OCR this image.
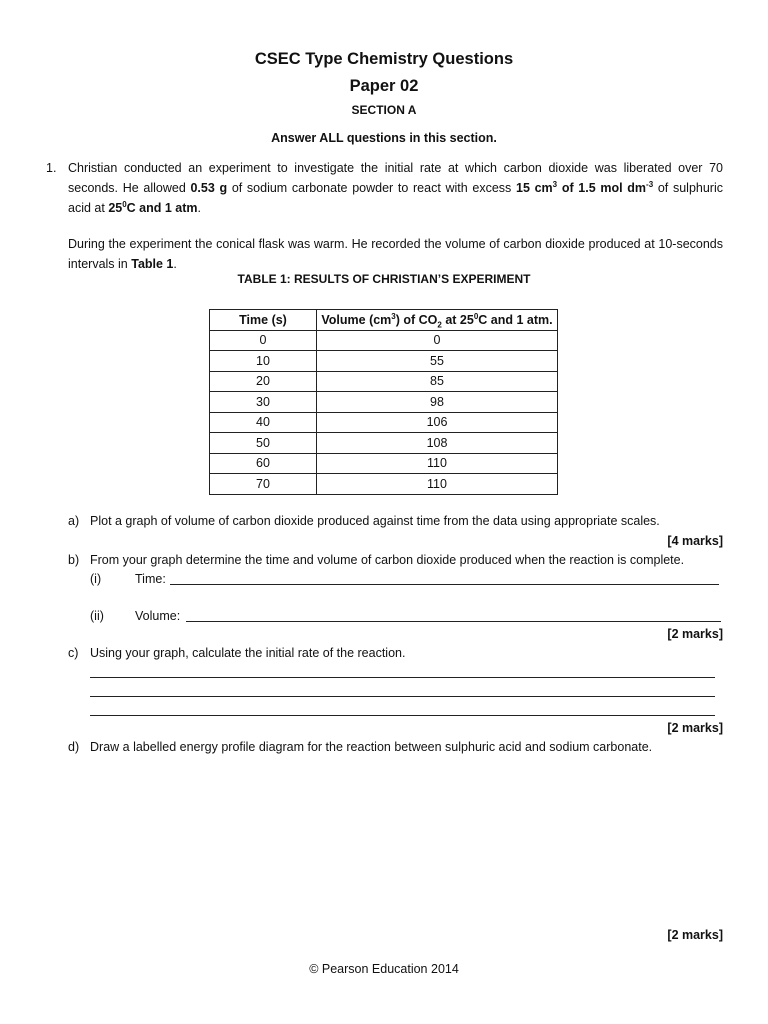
CSEC Type Chemistry Questions
Paper 02
SECTION A
Answer ALL questions in this section.
1. Christian conducted an experiment to investigate the initial rate at which carbon dioxide was liberated over 70 seconds. He allowed 0.53 g of sodium carbonate powder to react with excess 15 $cm^3$ of 1.5 mol $dm^{-3}$ of sulphuric acid at $25^0C$ and 1 atm.
During the experiment the conical flask was warm. He recorded the volume of carbon dioxide produced at 10-seconds intervals in Table 1.
TABLE 1: RESULTS OF CHRISTIAN’S EXPERIMENT
Time (s)	Volume $(cm^3)$ of $CO_2$ at $25^0C$ and 1 atm.
0	0
10	55
20	85
30	98
40	106
50	108
60	110
70	110
a) Plot a graph of volume of carbon dioxide produced against time from the data using appropriate scales.
[4 marks]
b) From your graph determine the time and volume of carbon dioxide produced when the reaction is complete.
(i)	Time:
(ii) Volume:
[2 marks]
c) Using your graph, calculate the initial rate of the reaction.
[2 marks]
d) Draw a labelled energy profile diagram for the reaction between sulphuric acid and sodium carbonate.
[2 marks]
© Pearson Education 2014
